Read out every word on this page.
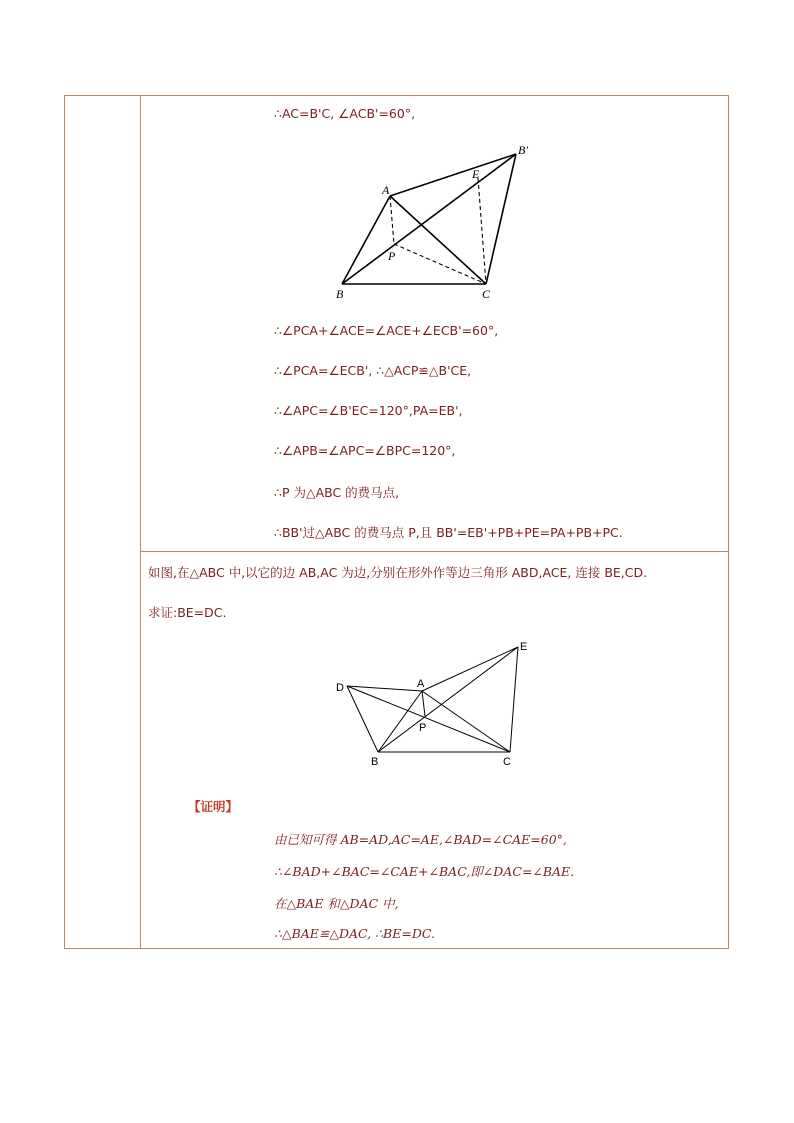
∴AC=B'C, ∠ACB'=60°,
A
B	C
B'
E
P
∴∠PCA+∠ACE=∠ACE+∠ECB'=60°,
∴∠PCA=∠ECB', ∴△ACP≌△B'CE,
∴∠APC=∠B'EC=120°,PA=EB',
∴∠APB=∠APC=∠BPC=120°,
∴P 为△ABC 的费马点,
∴BB'过△ABC 的费马点 P,且 BB'=EB'+PB+PE=PA+PB+PC.
如图,在△ABC 中,以它的边 AB,AC 为边,分别在形外作等边三角形 ABD,ACE, 连接 BE,CD.
求证:BE=DC.
D	A
E
P
B	C
【证明】
由已知可得 AB=AD,AC=AE,∠BAD=∠CAE=60°,
∴∠BAD+∠BAC=∠CAE+∠BAC,即∠DAC=∠BAE.
在△BAE 和△DAC 中,
∴△BAE≌△DAC, ∴BE=DC.
